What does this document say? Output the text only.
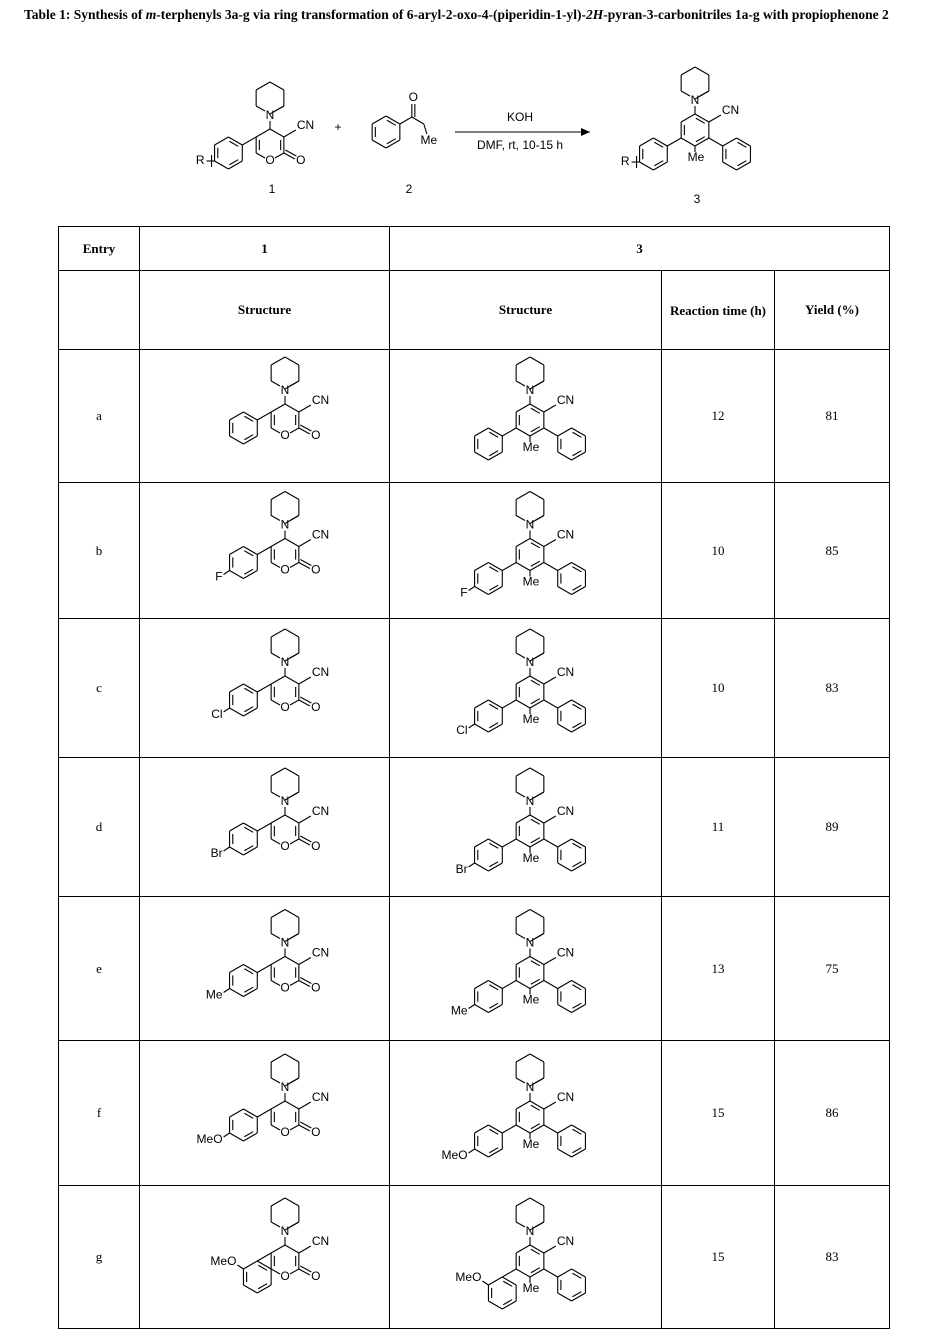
Table 1: Synthesis of m-terphenyls 3a-g via ring transformation of 6-aryl-2-oxo-4-(piperidin-1-yl)-2H-pyran-3-carbonitriles 1a-g with propiophenone 2
O O
CN
N
R
1
+
O
Me
2
KOH
DMF, rt, 10-15 h
CN
N
Me
R
3
Entry	1	3		
	Structure	Structure	Reaction time (h)	Yield (%)
a	O O
CN
N	CN
N
Me	12	81
b	O O
CN
N
F	CN
N
Me
F	10	85
c	O O
CN
N
Cl	CN
N
Me
Cl	10	83
d	O O
CN
N
Br	CN
N
Me
Br	11	89
e	O O
CN
N
Me	CN
N
Me
Me	13	75
f	O O
CN
N
MeO	CN
N
Me
MeO	15	86
g	O O
CN
N
MeO	CN
N
Me
MeO	15	83
